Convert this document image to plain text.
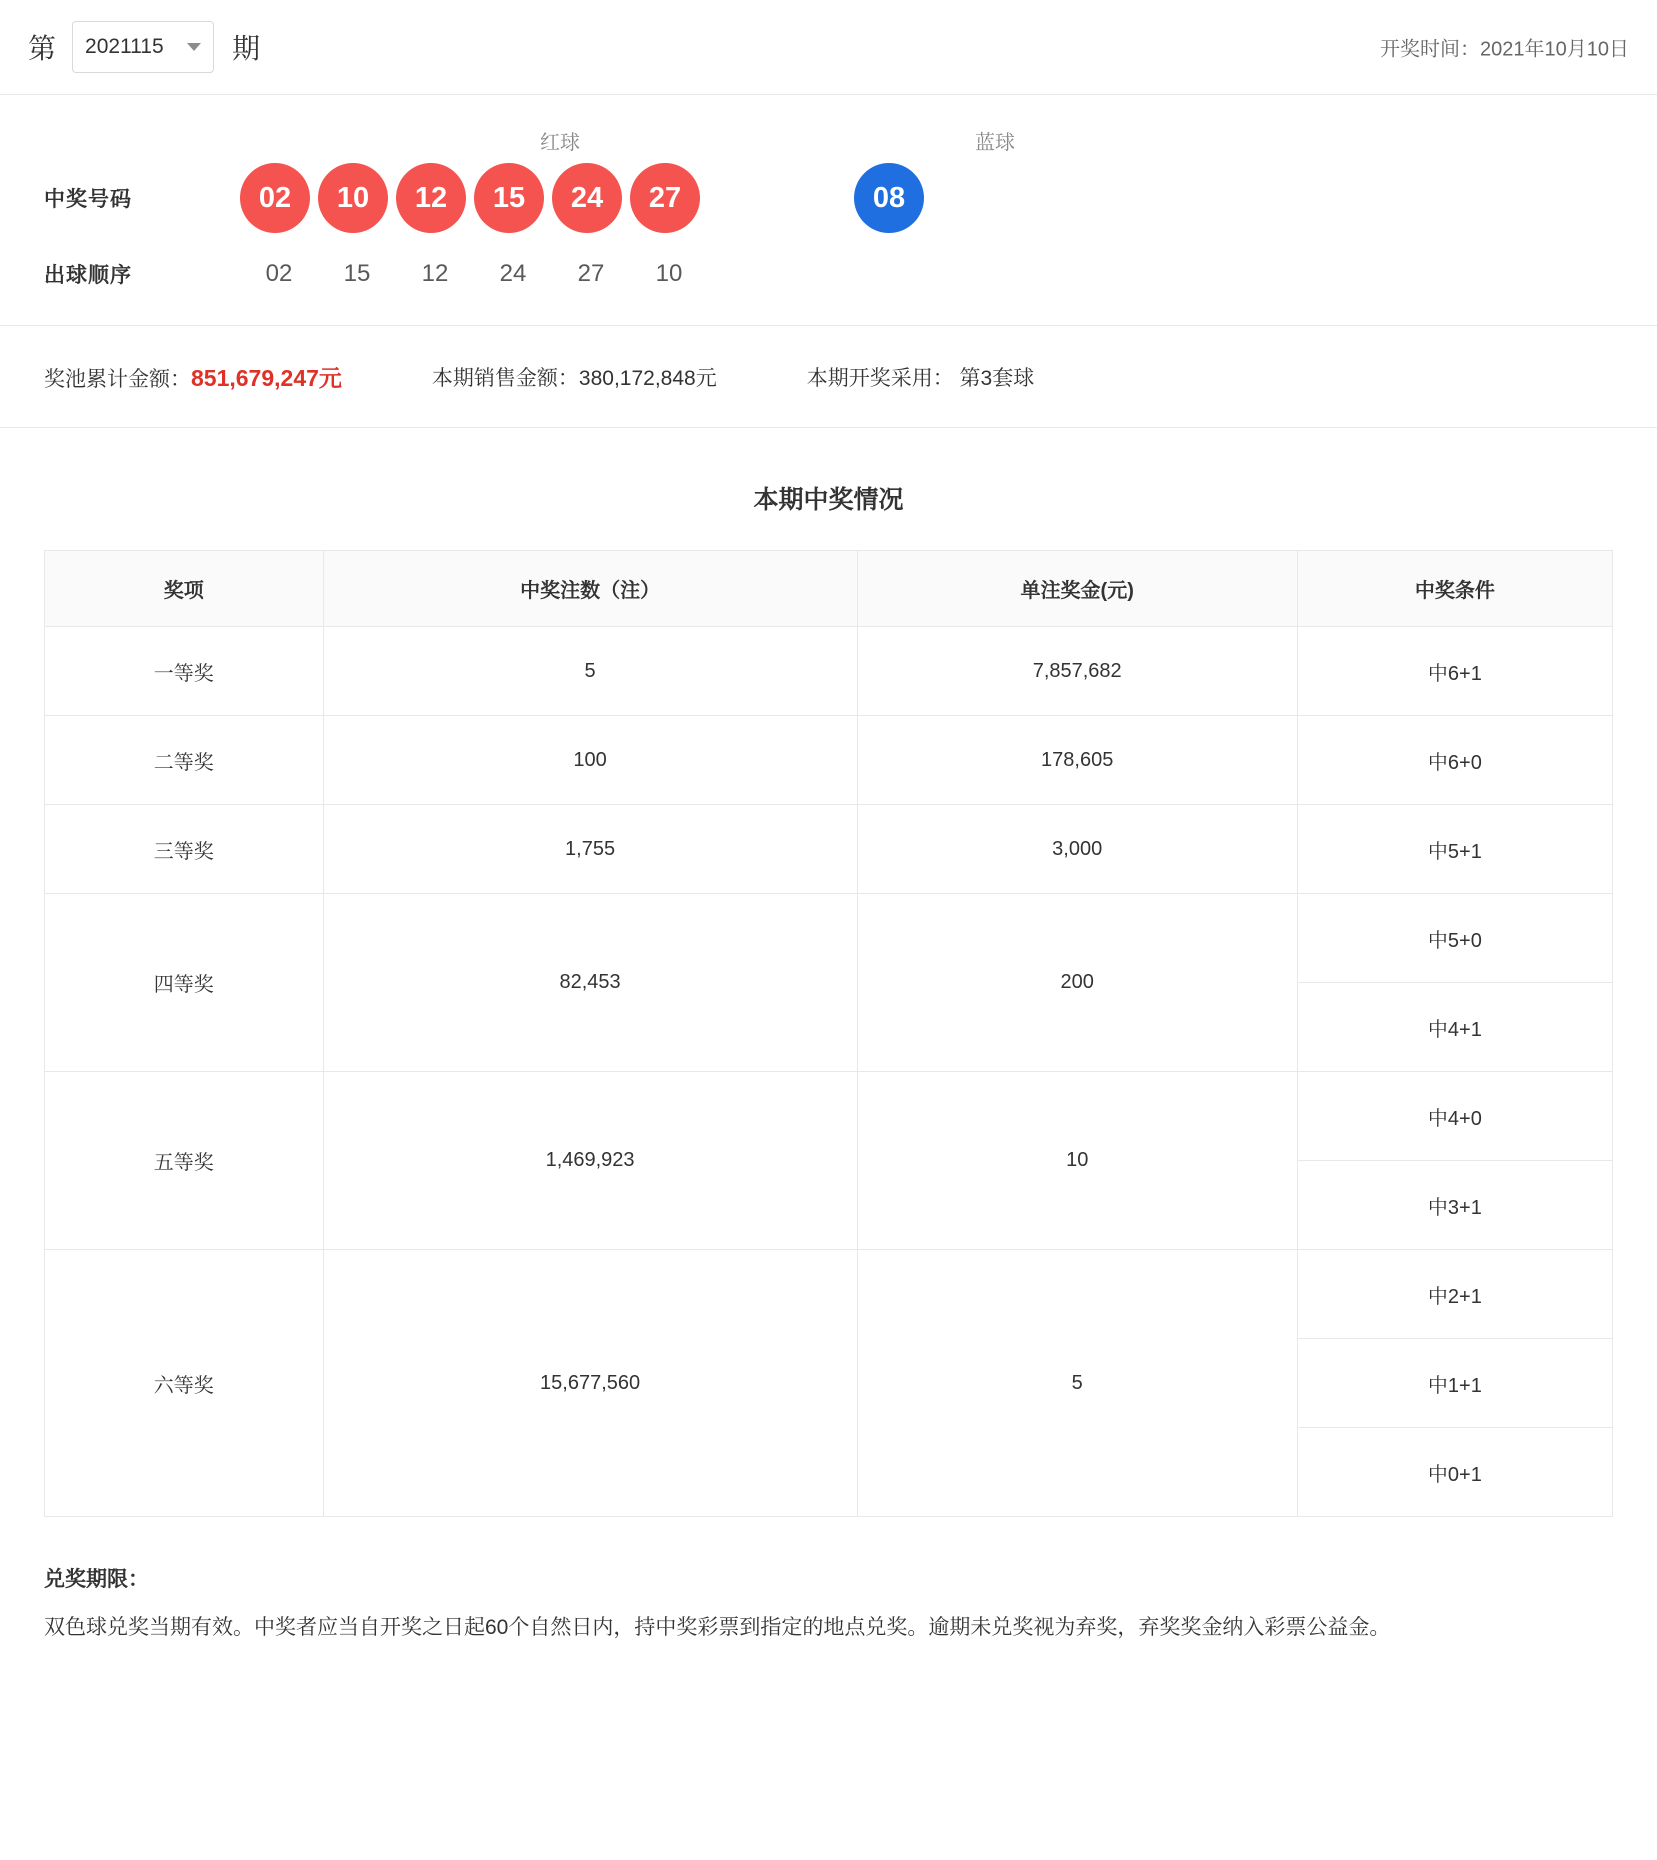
第 2021115	期	开奖时间：2021年10月10日
红球	蓝球
中奖号码	02	10	12	15	24	27	08
出球顺序	02	15	12	24	27	10
奖池累计金额：851,679,247元	本期销售金额：380,172,848元	本期开奖采用： 第3套球
本期中奖情况
奖项	中奖注数（注）	单注奖金(元)	中奖条件
一等奖	5	7,857,682	中6+1
二等奖	100	178,605	中6+0
三等奖	1,755	3,000	中5+1
四等奖	82,453	200	中5+0
			中4+1
五等奖	1,469,923	10	中4+0
			中3+1
六等奖	15,677,560	5	中2+1
			中1+1
			中0+1
兑奖期限：
双色球兑奖当期有效。中奖者应当自开奖之日起60个自然日内，持中奖彩票到指定的地点兑奖。逾期未兑奖视为弃奖，弃奖奖金纳入彩票公益金。
